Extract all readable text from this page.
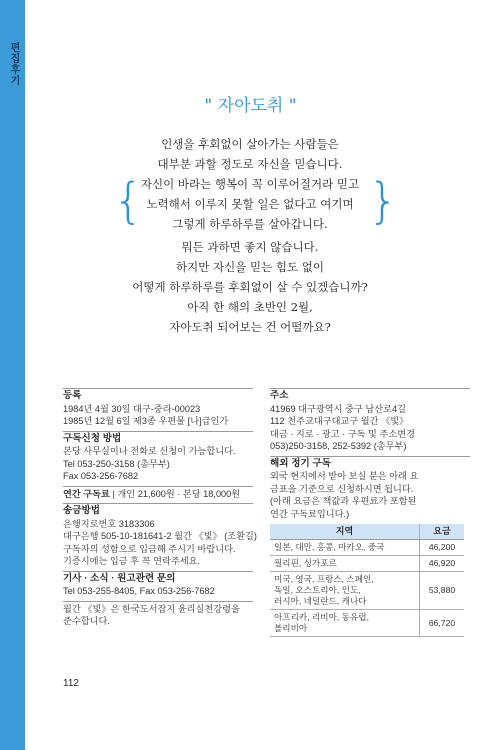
편집후기
" 자아도취 "
{	}
인생을 후회없이 살아가는 사람들은
대부분 과할 정도로 자신을 믿습니다.
자신이 바라는 행복이 꼭 이루어질거라 믿고
노력해서 이루지 못할 일은 없다고 여기며
그렇게 하루하루를 살아갑니다.
뭐든 과하면 좋지 않습니다.
하지만 자신을 믿는 힘도 없이
어떻게 하루하루를 후회없이 살 수 있겠습니까?
아직 한 해의 초반인 2월,
자아도취 되어보는 건 어떨까요?
등록
1984년 4월 30일 대구-중라-00023
1985년 12월 6일 제3종 우편물 [나]급인가
구독신청 방법
본당 사무실이나 전화로 신청이 가능합니다.
Tel 053-250-3158 (총무부)
Fax 053-256-7682
연간 구독료 | 개인 21,600원 · 본당 18,000원
송금방법
은행지로번호 3183306
대구은행 505-10-181641-2 월간 《빛》 (조환길)
구독자의 성함으로 입금해 주시기 바랍니다.
기증시에는 입금 후 꼭 연락주세요.
기사 · 소식 · 원고관련 문의
Tel 053-255-8405, Fax 053-256-7682
월간 《빛》은 한국도서잡지 윤리실천강령을
준수합니다.
주소
41969 대구광역시 중구 남산로4길
112 천주교대구대교구 월간 《빛》
대금 · 지로 · 광고 · 구독 및 주소변경
053)250-3158, 252-5392 (총무부)
해외 정기 구독
외국 현지에서 받아 보실 분은 아래 요
금표을 기준으로 신청하시면 됩니다.
(아래 요금은 책값과 우편료가 포함된
연간 구독료입니다.)
지역	요금

일본, 대만, 홍콩, 마카오, 중국	46,200

필리핀, 싱가포르	46,920

미국, 영국, 프랑스, 스페인,
독일, 오스트리아, 인도,
러시아, 네덜란드, 캐나다	53,880

아프리카, 리비아, 동유럽,
볼리비아	66,720
112
